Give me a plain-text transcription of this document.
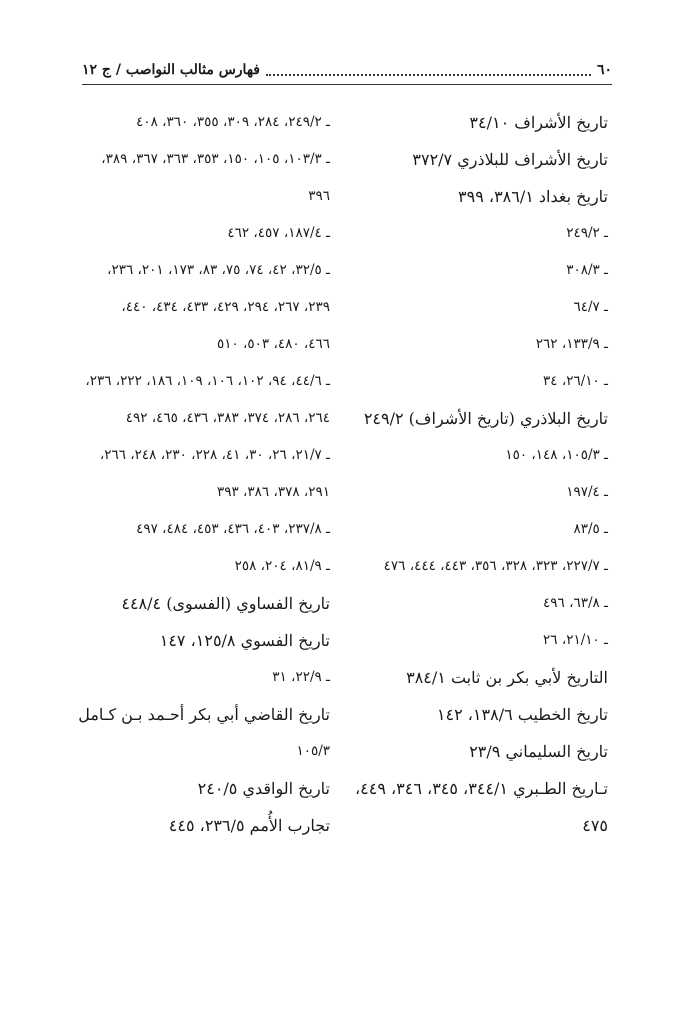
٦٠
فهارس مثالب النواصب / ج ١٢
تاريخ الأشراف ٣٤/١٠
تاريخ الأشراف للبلاذري ٣٧٢/٧
تاريخ بغداد ٣٨٦/١، ٣٩٩
ـ ٢٤٩/٢
ـ ٣٠٨/٣
ـ ٦٤/٧
ـ ١٣٣/٩، ٢٦٢
ـ ٢٦/١٠، ٣٤
تاريخ البلاذري (تاريخ الأشراف) ٢٤٩/٢
ـ ١٠٥/٣، ١٤٨، ١٥٠
ـ ١٩٧/٤
ـ ٨٣/٥
ـ ٢٢٧/٧، ٣٢٣، ٣٢٨، ٣٥٦، ٤٤٣، ٤٤٤، ٤٧٦
ـ ٦٣/٨، ٤٩٦
ـ ٢١/١٠، ٢٦
التاريخ لأبي بكر بن ثابت ٣٨٤/١
تاريخ الخطيب ١٣٨/٦، ١٤٢
تاريخ السليماني ٢٣/٩
تـاريخ الطـبري ٣٤٤/١، ٣٤٥، ٣٤٦، ٤٤٩،
٤٧٥
ـ ٢٤٩/٢، ٢٨٤، ٣٠٩، ٣٥٥، ٣٦٠، ٤٠٨
ـ ١٠٣/٣، ١٠٥، ١٥٠، ٣٥٣، ٣٦٣، ٣٦٧، ٣٨٩،
٣٩٦
ـ ١٨٧/٤، ٤٥٧، ٤٦٢
ـ ٣٢/٥، ٤٢، ٧٤، ٧٥، ٨٣، ١٧٣، ٢٠١، ٢٣٦،
٢٣٩، ٢٦٧، ٢٩٤، ٤٢٩، ٤٣٣، ٤٣٤، ٤٤٠،
٤٦٦، ٤٨٠، ٥٠٣، ٥١٠
ـ ٤٤/٦، ٩٤، ١٠٢، ١٠٦، ١٠٩، ١٨٦، ٢٢٢، ٢٣٦،
٢٦٤، ٢٨٦، ٣٧٤، ٣٨٣، ٤٣٦، ٤٦٥، ٤٩٢
ـ ٢١/٧، ٢٦، ٣٠، ٤١، ٢٢٨، ٢٣٠، ٢٤٨، ٢٦٦،
٢٩١، ٣٧٨، ٣٨٦، ٣٩٣
ـ ٢٣٧/٨، ٤٠٣، ٤٣٦، ٤٥٣، ٤٨٤، ٤٩٧
ـ ٨١/٩، ٢٠٤، ٢٥٨
تاريخ الفساوي (الفسوى) ٤٤٨/٤
تاريخ الفسوي ١٢٥/٨، ١٤٧
ـ ٢٢/٩، ٣١
تاريخ القاضي أبي بكر أحـمد بـن كـامل
١٠٥/٣
تاريخ الواقدي ٢٤٠/٥
تجارب الأُمم ٢٣٦/٥، ٤٤٥
